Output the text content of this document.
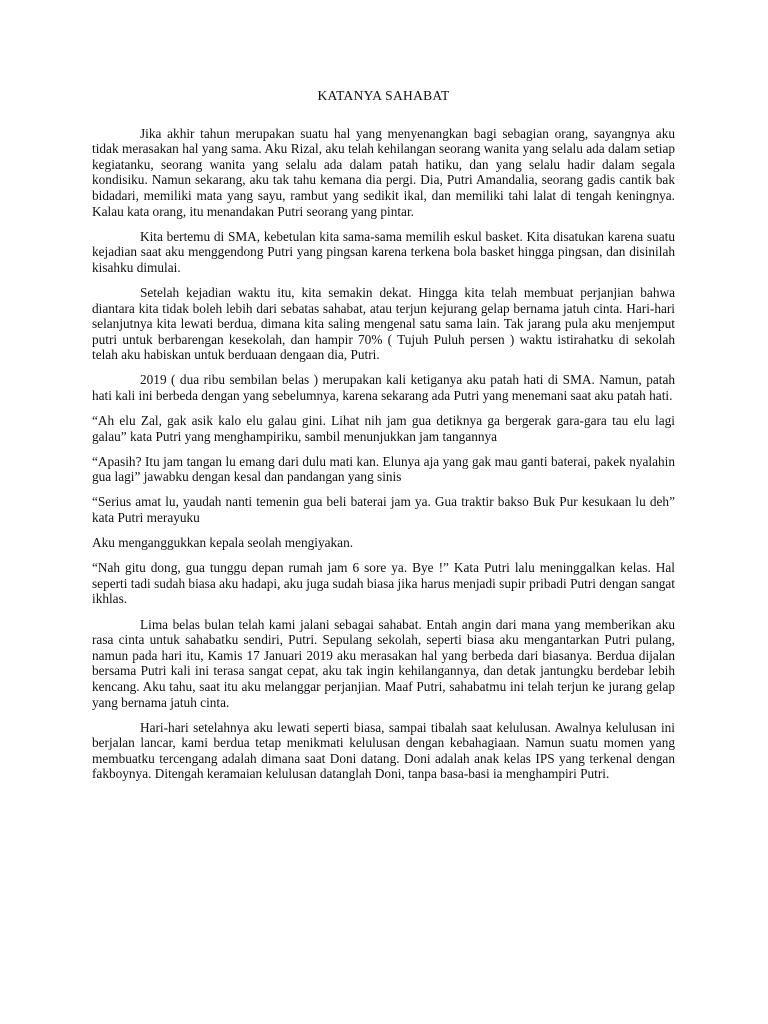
KATANYA SAHABAT

Jika akhir tahun merupakan suatu hal yang menyenangkan bagi sebagian orang, sayangnya aku tidak merasakan hal yang sama. Aku Rizal, aku telah kehilangan seorang wanita yang selalu ada dalam setiap kegiatanku, seorang wanita yang selalu ada dalam patah hatiku, dan yang selalu hadir dalam segala kondisiku. Namun sekarang, aku tak tahu kemana dia pergi. Dia, Putri Amandalia, seorang gadis cantik bak bidadari, memiliki mata yang sayu, rambut yang sedikit ikal, dan memiliki tahi lalat di tengah keningnya. Kalau kata orang, itu menandakan Putri seorang yang pintar.

Kita bertemu di SMA, kebetulan kita sama-sama memilih eskul basket. Kita disatukan karena suatu kejadian saat aku menggendong Putri yang pingsan karena terkena bola basket hingga pingsan, dan disinilah kisahku dimulai.

Setelah kejadian waktu itu, kita semakin dekat. Hingga kita telah membuat perjanjian bahwa diantara kita tidak boleh lebih dari sebatas sahabat, atau terjun kejurang gelap bernama jatuh cinta. Hari-hari selanjutnya kita lewati berdua, dimana kita saling mengenal satu sama lain. Tak jarang pula aku menjemput putri untuk berbarengan kesekolah, dan hampir 70% ( Tujuh Puluh persen ) waktu istirahatku di sekolah telah aku habiskan untuk berduaan dengaan dia, Putri.

2019 ( dua ribu sembilan belas ) merupakan kali ketiganya aku patah hati di SMA. Namun, patah hati kali ini berbeda dengan yang sebelumnya, karena sekarang ada Putri yang menemani saat aku patah hati.

“Ah elu Zal, gak asik kalo elu galau gini. Lihat nih jam gua detiknya ga bergerak gara-gara tau elu lagi galau” kata Putri yang menghampiriku, sambil menunjukkan jam tangannya

“Apasih? Itu jam tangan lu emang dari dulu mati kan. Elunya aja yang gak mau ganti baterai, pakek nyalahin gua lagi” jawabku dengan kesal dan pandangan yang sinis

“Serius amat lu, yaudah nanti temenin gua beli baterai jam ya. Gua traktir bakso Buk Pur kesukaan lu deh” kata Putri merayuku

Aku menganggukkan kepala seolah mengiyakan.

“Nah gitu dong, gua tunggu depan rumah jam 6 sore ya. Bye !” Kata Putri lalu meninggalkan kelas. Hal seperti tadi sudah biasa aku hadapi, aku juga sudah biasa jika harus menjadi supir pribadi Putri dengan sangat ikhlas.

Lima belas bulan telah kami jalani sebagai sahabat. Entah angin dari mana yang memberikan aku rasa cinta untuk sahabatku sendiri, Putri. Sepulang sekolah, seperti biasa aku mengantarkan Putri pulang, namun pada hari itu, Kamis 17 Januari 2019 aku merasakan hal yang berbeda dari biasanya. Berdua dijalan bersama Putri kali ini terasa sangat cepat, aku tak ingin kehilangannya, dan detak jantungku berdebar lebih kencang. Aku tahu, saat itu aku melanggar perjanjian. Maaf Putri, sahabatmu ini telah terjun ke jurang gelap yang bernama jatuh cinta.

Hari-hari setelahnya aku lewati seperti biasa, sampai tibalah saat kelulusan. Awalnya kelulusan ini berjalan lancar, kami berdua tetap menikmati kelulusan dengan kebahagiaan. Namun suatu momen yang membuatku tercengang adalah dimana saat Doni datang. Doni adalah anak kelas IPS yang terkenal dengan fakboynya. Ditengah keramaian kelulusan datanglah Doni, tanpa basa-basi ia menghampiri Putri.
